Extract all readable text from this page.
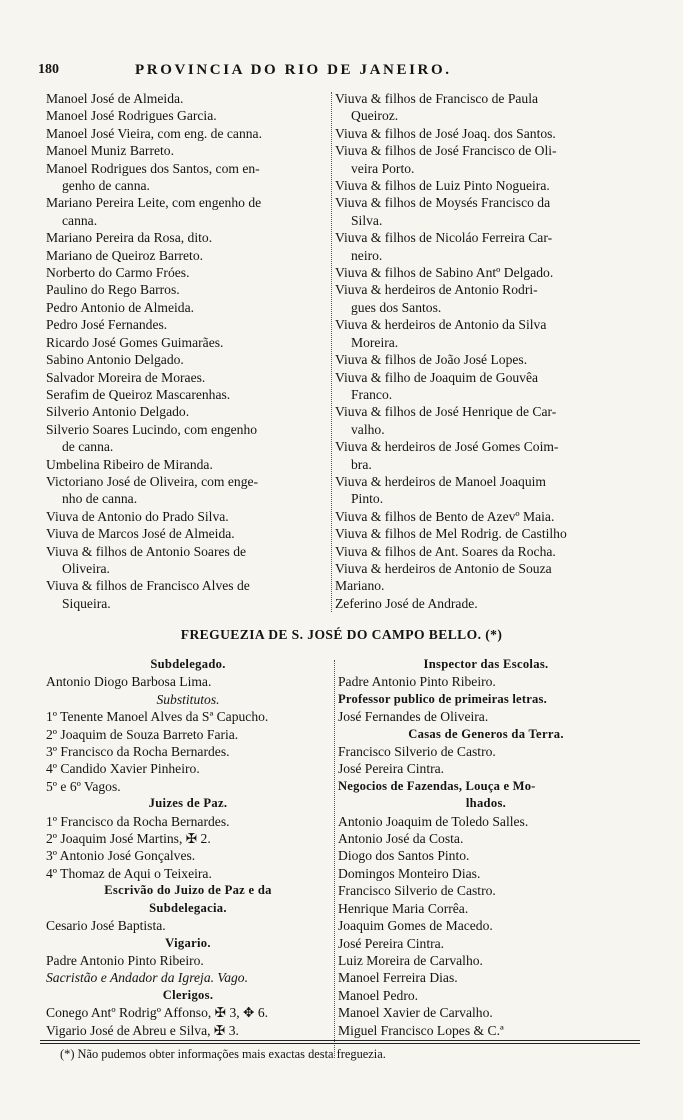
180	PROVINCIA DO RIO DE JANEIRO.
Manoel José de Almeida.
Manoel José Rodrigues Garcia.
Manoel José Vieira, com eng. de canna.
Manoel Muniz Barreto.
Manoel Rodrigues dos Santos, com en-
genho de canna.
Mariano Pereira Leite, com engenho de
canna.
Mariano Pereira da Rosa, dito.
Mariano de Queiroz Barreto.
Norberto do Carmo Fróes.
Paulino do Rego Barros.
Pedro Antonio de Almeida.
Pedro José Fernandes.
Ricardo José Gomes Guimarães.
Sabino Antonio Delgado.
Salvador Moreira de Moraes.
Serafim de Queiroz Mascarenhas.
Silverio Antonio Delgado.
Silverio Soares Lucindo, com engenho
de canna.
Umbelina Ribeiro de Miranda.
Victoriano José de Oliveira, com enge-
nho de canna.
Viuva de Antonio do Prado Silva.
Viuva de Marcos José de Almeida.
Viuva & filhos de Antonio Soares de
Oliveira.
Viuva & filhos de Francisco Alves de
Siqueira.
Viuva & filhos de Francisco de Paula
Queiroz.
Viuva & filhos de José Joaq. dos Santos.
Viuva & filhos de José Francisco de Oli-
veira Porto.
Viuva & filhos de Luiz Pinto Nogueira.
Viuva & filhos de Moysés Francisco da
Silva.
Viuva & filhos de Nicoláo Ferreira Car-
neiro.
Viuva & filhos de Sabino Antº Delgado.
Viuva & herdeiros de Antonio Rodri-
gues dos Santos.
Viuva & herdeiros de Antonio da Silva
Moreira.
Viuva & filhos de João José Lopes.
Viuva & filho de Joaquim de Gouvêa
Franco.
Viuva & filhos de José Henrique de Car-
valho.
Viuva & herdeiros de José Gomes Coim-
bra.
Viuva & herdeiros de Manoel Joaquim
Pinto.
Viuva & filhos de Bento de Azevº Maia.
Viuva & filhos de Mel Rodrig. de Castilho
Viuva & filhos de Ant. Soares da Rocha.
Viuva & herdeiros de Antonio de Souza
Mariano.
Zeferino José de Andrade.
FREGUEZIA DE S. JOSÉ DO CAMPO BELLO. (*)
Subdelegado.
Antonio Diogo Barbosa Lima.
Substitutos.
1º Tenente Manoel Alves da Sª Capucho.
2º Joaquim de Souza Barreto Faria.
3º Francisco da Rocha Bernardes.
4º Candido Xavier Pinheiro.
5º e 6º Vagos.
Juizes de Paz.
1º Francisco da Rocha Bernardes.
2º Joaquim José Martins, ✠ 2.
3º Antonio José Gonçalves.
4º Thomaz de Aqui o Teixeira.
Escrivão do Juizo de Paz e da
Subdelegacia.
Cesario José Baptista.
Vigario.
Padre Antonio Pinto Ribeiro.
Sacristão e Andador da Igreja. Vago.
Clerigos.
Conego Antº Rodrigº Affonso, ✠ 3, ✥ 6.
Vigario José de Abreu e Silva, ✠ 3.
Inspector das Escolas.
Padre Antonio Pinto Ribeiro.
Professor publico de primeiras letras.
José Fernandes de Oliveira.
Casas de Generos da Terra.
Francisco Silverio de Castro.
José Pereira Cintra.
Negocios de Fazendas, Louça e Mo-
lhados.
Antonio Joaquim de Toledo Salles.
Antonio José da Costa.
Diogo dos Santos Pinto.
Domingos Monteiro Dias.
Francisco Silverio de Castro.
Henrique Maria Corrêa.
Joaquim Gomes de Macedo.
José Pereira Cintra.
Luiz Moreira de Carvalho.
Manoel Ferreira Dias.
Manoel Pedro.
Manoel Xavier de Carvalho.
Miguel Francisco Lopes & C.ª
(*) Não pudemos obter informações mais exactas desta freguezia.
